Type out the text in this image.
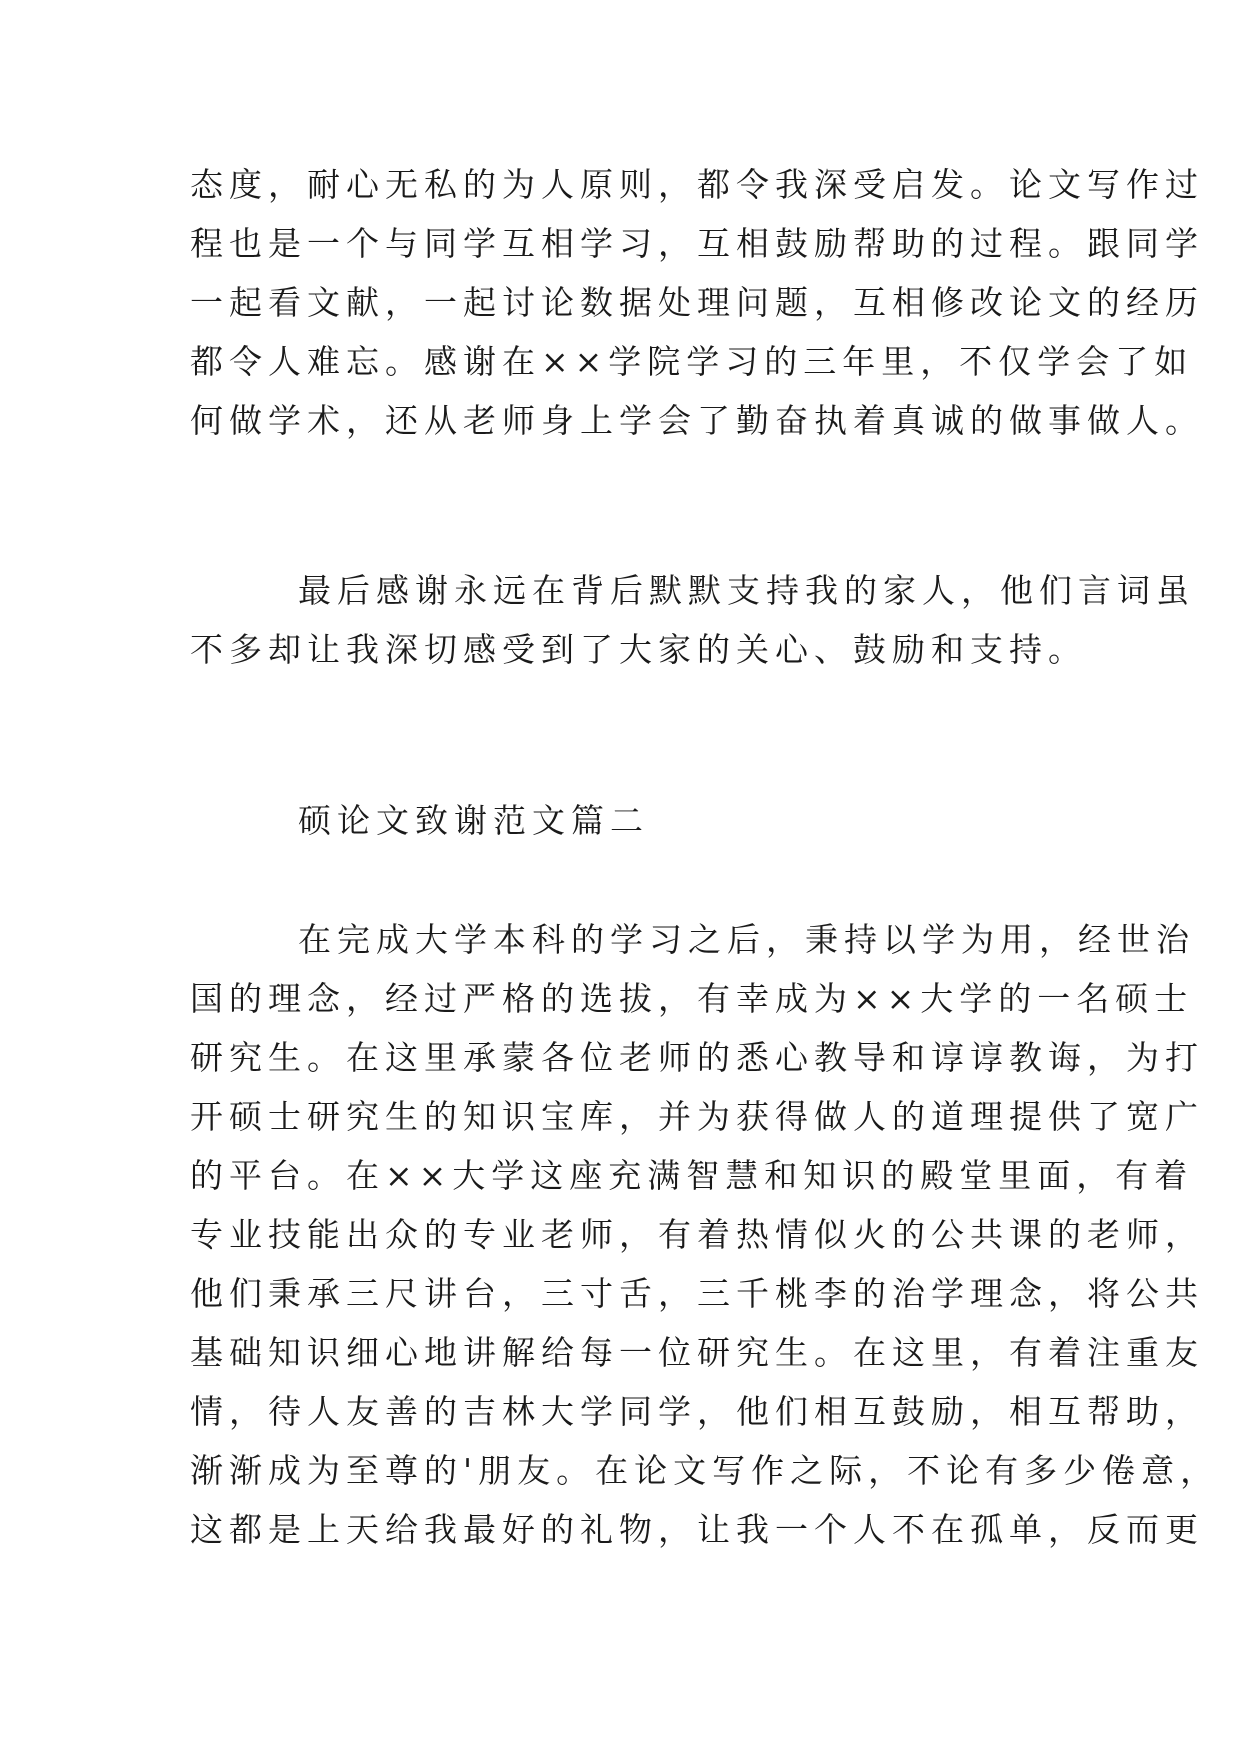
态度，耐心无私的为人原则，都令我深受启发。论文写作过
程也是一个与同学互相学习，互相鼓励帮助的过程。跟同学
一起看文献，一起讨论数据处理问题，互相修改论文的经历
都令人难忘。感谢在××学院学习的三年里，不仅学会了如
何做学术，还从老师身上学会了勤奋执着真诚的做事做人。
最后感谢永远在背后默默支持我的家人，他们言词虽
不多却让我深切感受到了大家的关心、鼓励和支持。
硕论文致谢范文篇二
在完成大学本科的学习之后，秉持以学为用，经世治
国的理念，经过严格的选拔，有幸成为××大学的一名硕士
研究生。在这里承蒙各位老师的悉心教导和谆谆教诲，为打
开硕士研究生的知识宝库，并为获得做人的道理提供了宽广
的平台。在××大学这座充满智慧和知识的殿堂里面，有着
专业技能出众的专业老师，有着热情似火的公共课的老师，
他们秉承三尺讲台，三寸舌，三千桃李的治学理念，将公共
基础知识细心地讲解给每一位研究生。在这里，有着注重友
情，待人友善的吉林大学同学，他们相互鼓励，相互帮助，
渐渐成为至尊的'朋友。在论文写作之际，不论有多少倦意，
这都是上天给我最好的礼物，让我一个人不在孤单，反而更
